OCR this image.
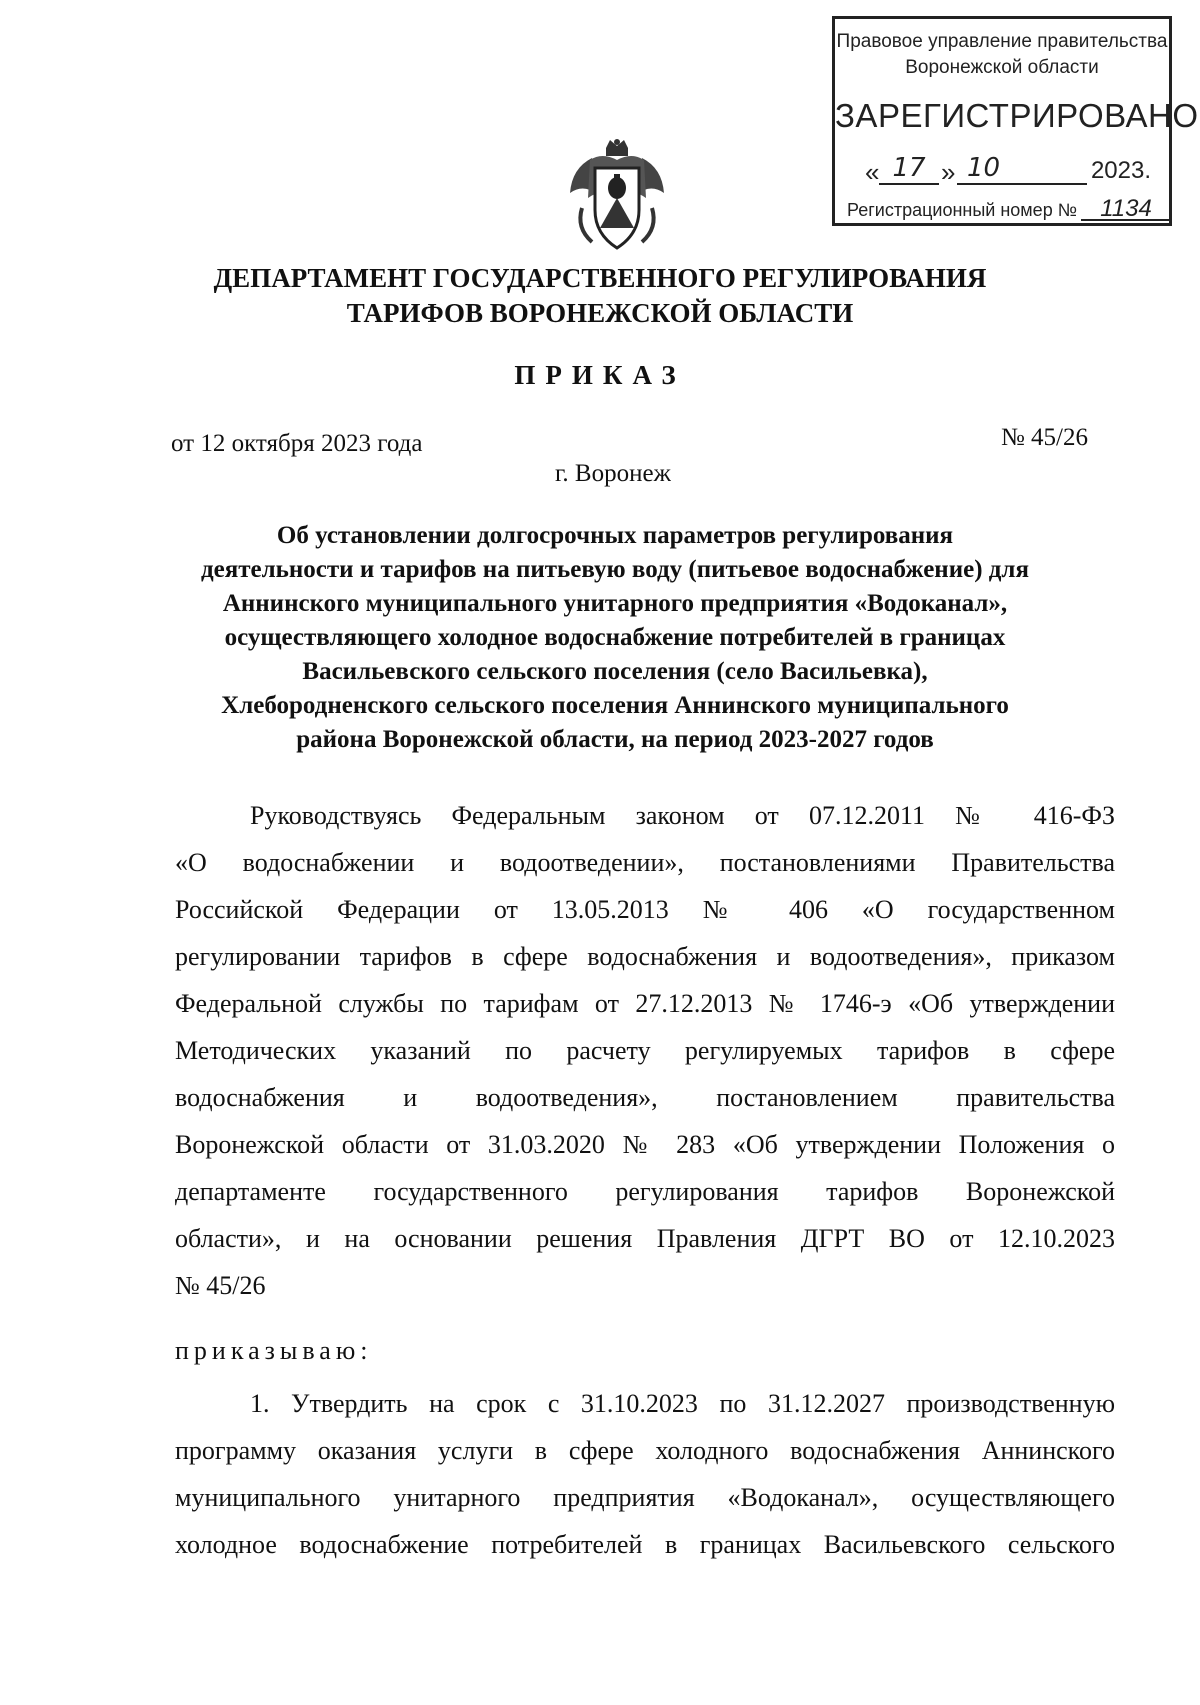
Правовое управление правительства
Воронежской области
ЗАРЕГИСТРИРОВАНО
« 17 » 10	2023.
Регистрационный номер № 1134
ДЕПАРТАМЕНТ ГОСУДАРСТВЕННОГО РЕГУЛИРОВАНИЯ
ТАРИФОВ ВОРОНЕЖСКОЙ ОБЛАСТИ
ПРИКАЗ
от 12 октября 2023 года	№ 45/26
г. Воронеж
Об установлении долгосрочных параметров регулирования
деятельности и тарифов на питьевую воду (питьевое водоснабжение) для
Аннинского муниципального унитарного предприятия «Водоканал»,
осуществляющего холодное водоснабжение потребителей в границах
Васильевского сельского поселения (село Васильевка),
Хлебородненского сельского поселения Аннинского муниципального
района Воронежской области, на период 2023-2027 годов
Руководствуясь Федеральным законом от 07.12.2011 № 416-ФЗ
«О водоснабжении и водоотведении», постановлениями Правительства
Российской Федерации от 13.05.2013 № 406 «О государственном
регулировании тарифов в сфере водоснабжения и водоотведения», приказом
Федеральной службы по тарифам от 27.12.2013 № 1746-э «Об утверждении
Методических указаний по расчету регулируемых тарифов в сфере
водоснабжения и водоотведения», постановлением правительства
Воронежской области от 31.03.2020 № 283 «Об утверждении Положения о
департаменте государственного регулирования тарифов Воронежской
области», и на основании решения Правления ДГРТ ВО от 12.10.2023
№ 45/26
приказываю:
1. Утвердить на срок с 31.10.2023 по 31.12.2027 производственную
программу оказания услуги в сфере холодного водоснабжения Аннинского
муниципального унитарного предприятия «Водоканал», осуществляющего
холодное водоснабжение потребителей в границах Васильевского сельского
